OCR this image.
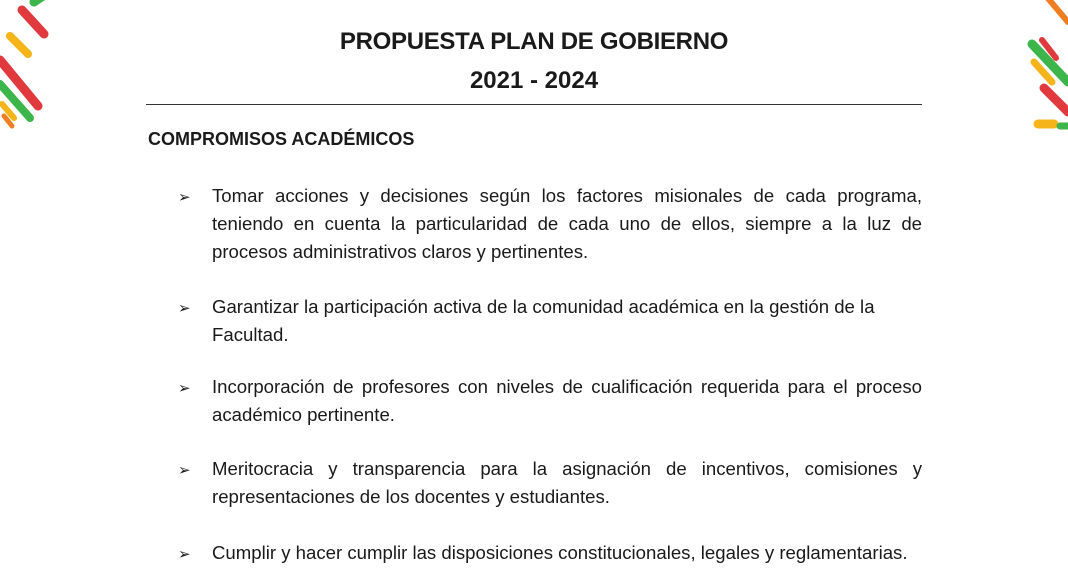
PROPUESTA PLAN DE GOBIERNO
2021 - 2024
COMPROMISOS ACADÉMICOS
➢ Tomar acciones y decisiones según los factores misionales de cada programa, teniendo en cuenta la particularidad de cada uno de ellos, siempre a la luz de procesos administrativos claros y pertinentes.

➢ Garantizar la participación activa de la comunidad académica en la gestión de la Facultad.

➢ Incorporación de profesores con niveles de cualificación requerida para el proceso académico pertinente.

➢ Meritocracia y transparencia para la asignación de incentivos, comisiones y representaciones de los docentes y estudiantes.

➢ Cumplir y hacer cumplir las disposiciones constitucionales, legales y reglamentarias.
